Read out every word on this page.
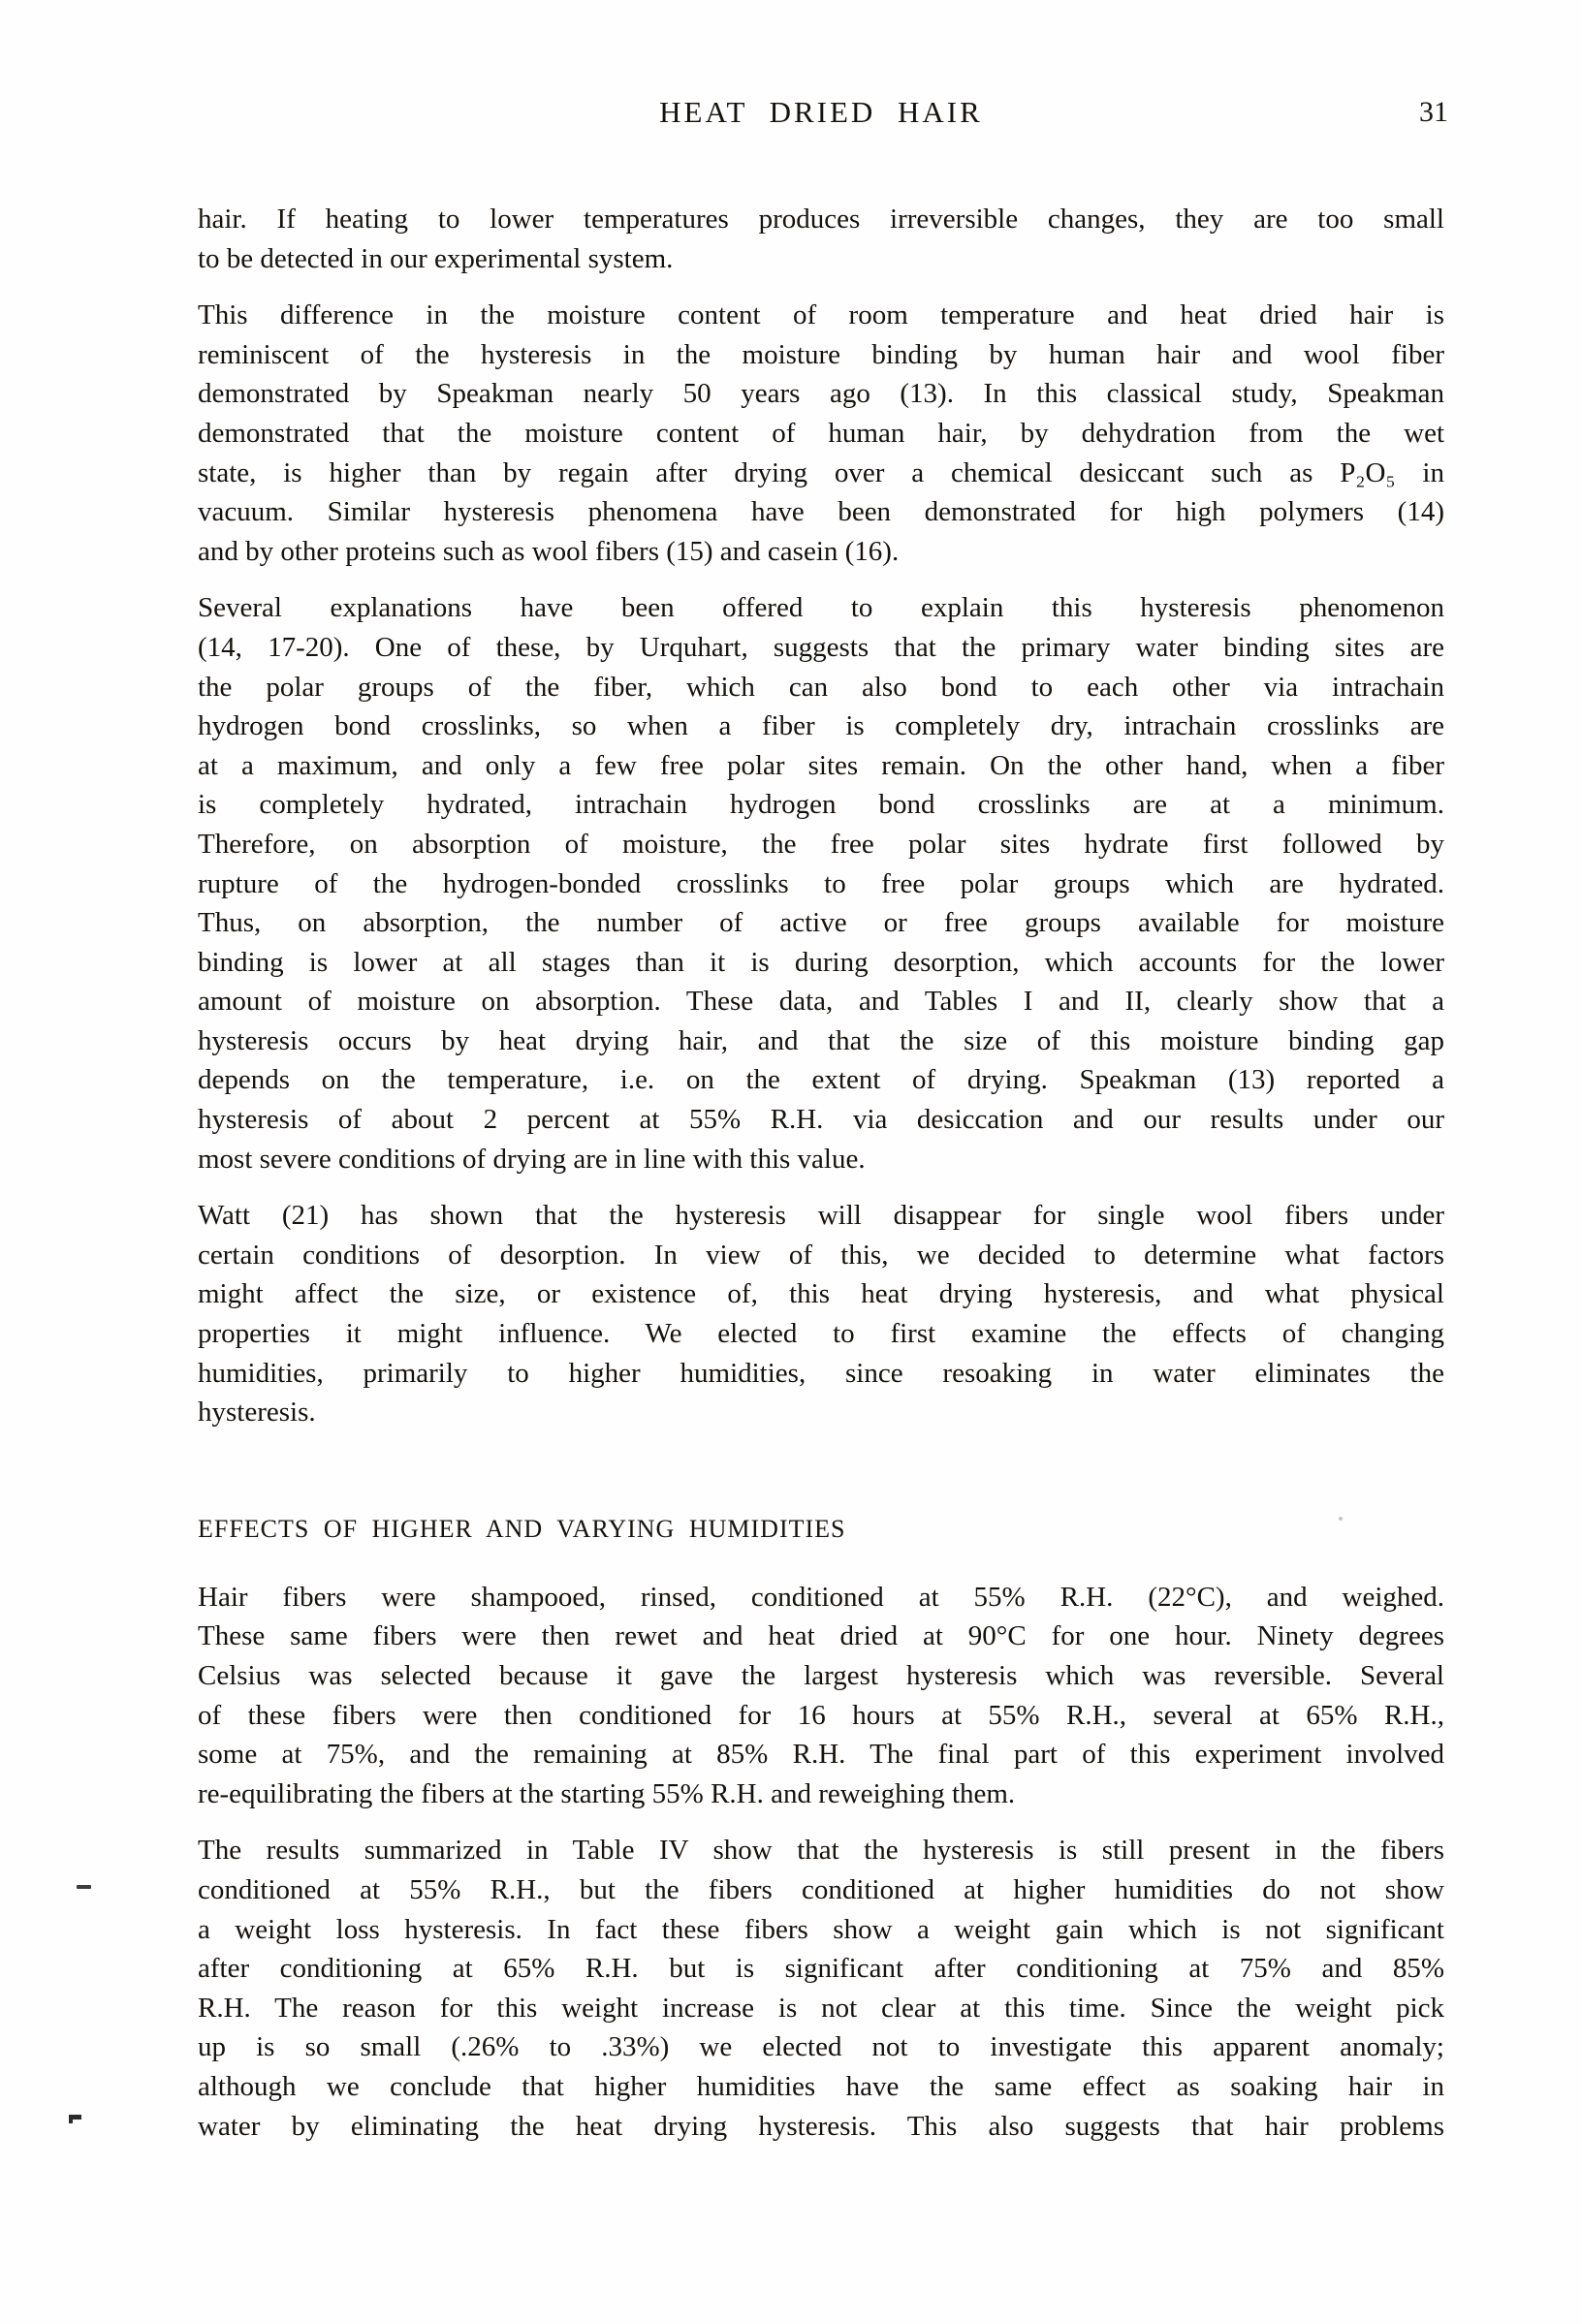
HEAT DRIED HAIR	31

hair. If heating to lower temperatures produces irreversible changes, they are too small
to be detected in our experimental system.

This difference in the moisture content of room temperature and heat dried hair is
reminiscent of the hysteresis in the moisture binding by human hair and wool fiber
demonstrated by Speakman nearly 50 years ago (13). In this classical study, Speakman
demonstrated that the moisture content of human hair, by dehydration from the wet
state, is higher than by regain after drying over a chemical desiccant such as P₂O₅ in
vacuum. Similar hysteresis phenomena have been demonstrated for high polymers (14)
and by other proteins such as wool fibers (15) and casein (16).

Several explanations have been offered to explain this hysteresis phenomenon
(14, 17-20). One of these, by Urquhart, suggests that the primary water binding sites are
the polar groups of the fiber, which can also bond to each other via intrachain
hydrogen bond crosslinks, so when a fiber is completely dry, intrachain crosslinks are
at a maximum, and only a few free polar sites remain. On the other hand, when a fiber
is completely hydrated, intrachain hydrogen bond crosslinks are at a minimum.
Therefore, on absorption of moisture, the free polar sites hydrate first followed by
rupture of the hydrogen-bonded crosslinks to free polar groups which are hydrated.
Thus, on absorption, the number of active or free groups available for moisture
binding is lower at all stages than it is during desorption, which accounts for the lower
amount of moisture on absorption. These data, and Tables I and II, clearly show that a
hysteresis occurs by heat drying hair, and that the size of this moisture binding gap
depends on the temperature, i.e. on the extent of drying. Speakman (13) reported a
hysteresis of about 2 percent at 55% R.H. via desiccation and our results under our
most severe conditions of drying are in line with this value.

Watt (21) has shown that the hysteresis will disappear for single wool fibers under
certain conditions of desorption. In view of this, we decided to determine what factors
might affect the size, or existence of, this heat drying hysteresis, and what physical
properties it might influence. We elected to first examine the effects of changing
humidities, primarily to higher humidities, since resoaking in water eliminates the
hysteresis.

EFFECTS OF HIGHER AND VARYING HUMIDITIES

Hair fibers were shampooed, rinsed, conditioned at 55% R.H. (22°C), and weighed.
These same fibers were then rewet and heat dried at 90°C for one hour. Ninety degrees
Celsius was selected because it gave the largest hysteresis which was reversible. Several
of these fibers were then conditioned for 16 hours at 55% R.H., several at 65% R.H.,
some at 75%, and the remaining at 85% R.H. The final part of this experiment involved
re-equilibrating the fibers at the starting 55% R.H. and reweighing them.

The results summarized in Table IV show that the hysteresis is still present in the fibers
conditioned at 55% R.H., but the fibers conditioned at higher humidities do not show
a weight loss hysteresis. In fact these fibers show a weight gain which is not significant
after conditioning at 65% R.H. but is significant after conditioning at 75% and 85%
R.H. The reason for this weight increase is not clear at this time. Since the weight pick
up is so small (.26% to .33%) we elected not to investigate this apparent anomaly;
although we conclude that higher humidities have the same effect as soaking hair in
water by eliminating the heat drying hysteresis. This also suggests that hair problems
